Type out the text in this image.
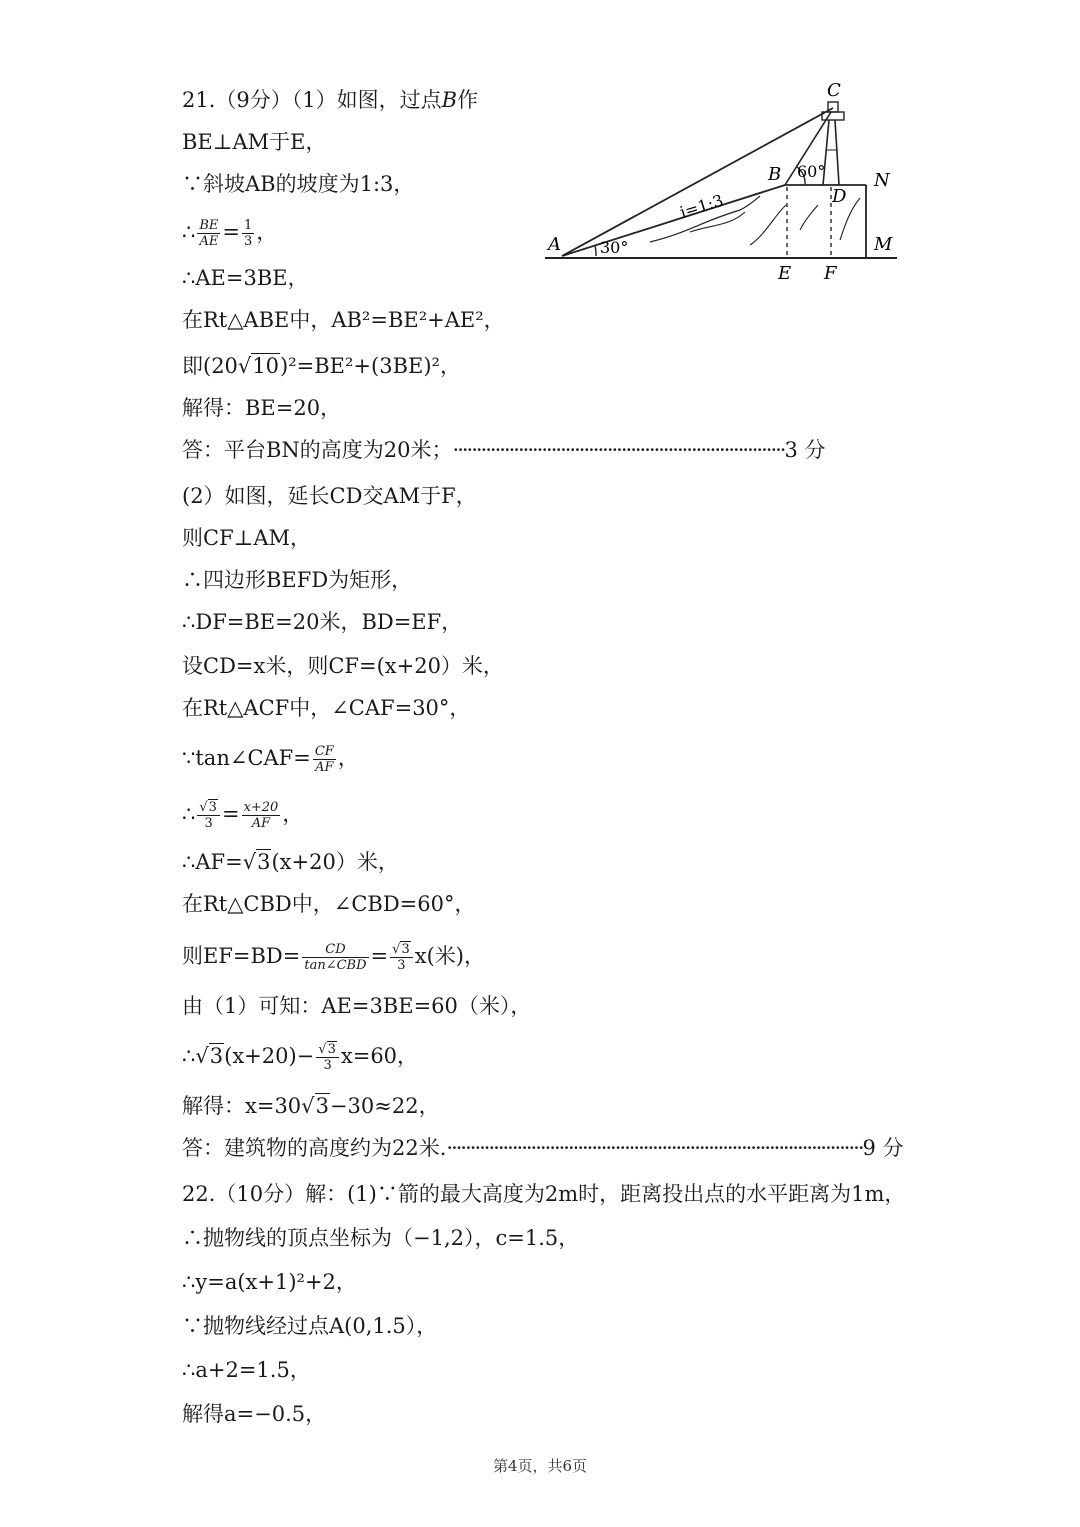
A
B
C
D
E F
M
N
i=1:3
30°
60°
21.（9分）（1）如图，过点B作
BE⊥AM于E，
∵斜坡AB的坡度为1:3，
∴ $\frac{BE}{AE} = \frac{1}{3}$ ，
∴AE=3BE，
在Rt△ABE中，AB²=BE²+AE²，
即(20√10)²=BE²+(3BE)²，
解得：BE=20，
答：平台BN的高度为20米；·······································································3 分
(2）如图，延长CD交AM于F，
则CF⊥AM，
∴四边形BEFD为矩形，
∴DF=BE=20米，BD=EF，
设CD=x米，则CF=(x+20）米，
在Rt△ACF中，∠CAF=30°，
∵tan∠CAF= $\frac{CF}{AF}$ ，
∴ $\frac{√3}{3} = \frac{x+20}{AF}$ ，
∴AF=√3(x+20）米，
在Rt△CBD中，∠CBD=60°，
则$EF=BD= \frac{CD}{\text{tan∠CBD}} = \frac{√3}{3} x$(米)，
由（1）可知：AE=3BE=60（米），
∴√3(x+20)− $\frac{√3}{3} x=60$，
解得：x=30√3−30≈22，
答：建筑物的高度约为22米.·························································································9 分
22.（10分）解：(1)∵箭的最大高度为2m时，距离投出点的水平距离为1m，
∴抛物线的顶点坐标为（−1,2），c=1.5，
∴y=a(x+1)²+2，
∵抛物线经过点A(0,1.5），
∴a+2=1.5，
解得a=−0.5，
第4页，共6页
